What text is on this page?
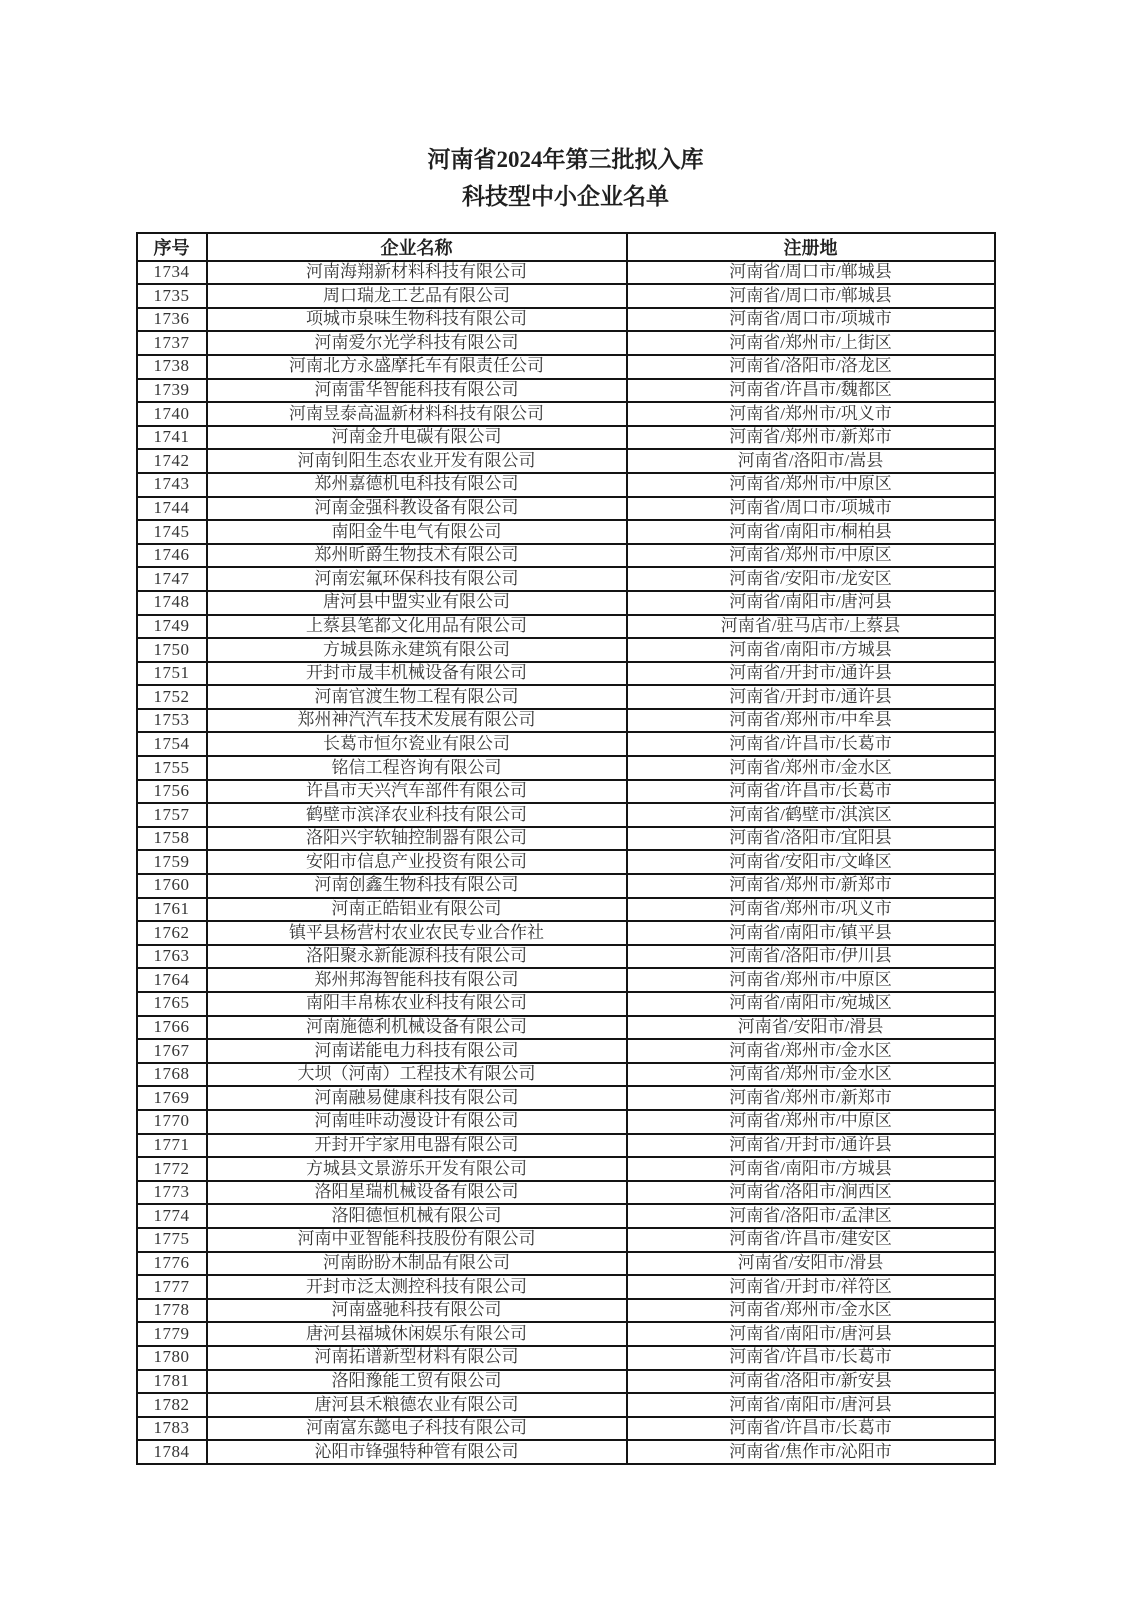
河南省2024年第三批拟入库
科技型中小企业名单
序号	企业名称	注册地
1734	河南海翔新材料科技有限公司	河南省/周口市/郸城县
1735	周口瑞龙工艺品有限公司	河南省/周口市/郸城县
1736	项城市泉味生物科技有限公司	河南省/周口市/项城市
1737	河南爱尔光学科技有限公司	河南省/郑州市/上街区
1738	河南北方永盛摩托车有限责任公司	河南省/洛阳市/洛龙区
1739	河南雷华智能科技有限公司	河南省/许昌市/魏都区
1740	河南昱泰高温新材料科技有限公司	河南省/郑州市/巩义市
1741	河南金升电碳有限公司	河南省/郑州市/新郑市
1742	河南钊阳生态农业开发有限公司	河南省/洛阳市/嵩县
1743	郑州嘉德机电科技有限公司	河南省/郑州市/中原区
1744	河南金强科教设备有限公司	河南省/周口市/项城市
1745	南阳金牛电气有限公司	河南省/南阳市/桐柏县
1746	郑州昕爵生物技术有限公司	河南省/郑州市/中原区
1747	河南宏氟环保科技有限公司	河南省/安阳市/龙安区
1748	唐河县中盟实业有限公司	河南省/南阳市/唐河县
1749	上蔡县笔都文化用品有限公司	河南省/驻马店市/上蔡县
1750	方城县陈永建筑有限公司	河南省/南阳市/方城县
1751	开封市晟丰机械设备有限公司	河南省/开封市/通许县
1752	河南官渡生物工程有限公司	河南省/开封市/通许县
1753	郑州神汽汽车技术发展有限公司	河南省/郑州市/中牟县
1754	长葛市恒尔瓷业有限公司	河南省/许昌市/长葛市
1755	铭信工程咨询有限公司	河南省/郑州市/金水区
1756	许昌市天兴汽车部件有限公司	河南省/许昌市/长葛市
1757	鹤壁市滨泽农业科技有限公司	河南省/鹤壁市/淇滨区
1758	洛阳兴宇软轴控制器有限公司	河南省/洛阳市/宜阳县
1759	安阳市信息产业投资有限公司	河南省/安阳市/文峰区
1760	河南创鑫生物科技有限公司	河南省/郑州市/新郑市
1761	河南正皓铝业有限公司	河南省/郑州市/巩义市
1762	镇平县杨营村农业农民专业合作社	河南省/南阳市/镇平县
1763	洛阳聚永新能源科技有限公司	河南省/洛阳市/伊川县
1764	郑州邦海智能科技有限公司	河南省/郑州市/中原区
1765	南阳丰帛栋农业科技有限公司	河南省/南阳市/宛城区
1766	河南施德利机械设备有限公司	河南省/安阳市/滑县
1767	河南诺能电力科技有限公司	河南省/郑州市/金水区
1768	大坝（河南）工程技术有限公司	河南省/郑州市/金水区
1769	河南融易健康科技有限公司	河南省/郑州市/新郑市
1770	河南哇咔动漫设计有限公司	河南省/郑州市/中原区
1771	开封开宇家用电器有限公司	河南省/开封市/通许县
1772	方城县文景游乐开发有限公司	河南省/南阳市/方城县
1773	洛阳星瑞机械设备有限公司	河南省/洛阳市/涧西区
1774	洛阳德恒机械有限公司	河南省/洛阳市/孟津区
1775	河南中亚智能科技股份有限公司	河南省/许昌市/建安区
1776	河南盼盼木制品有限公司	河南省/安阳市/滑县
1777	开封市泛太测控科技有限公司	河南省/开封市/祥符区
1778	河南盛驰科技有限公司	河南省/郑州市/金水区
1779	唐河县福城休闲娱乐有限公司	河南省/南阳市/唐河县
1780	河南拓谱新型材料有限公司	河南省/许昌市/长葛市
1781	洛阳豫能工贸有限公司	河南省/洛阳市/新安县
1782	唐河县禾粮德农业有限公司	河南省/南阳市/唐河县
1783	河南富东懿电子科技有限公司	河南省/许昌市/长葛市
1784	沁阳市锋强特种管有限公司	河南省/焦作市/沁阳市
